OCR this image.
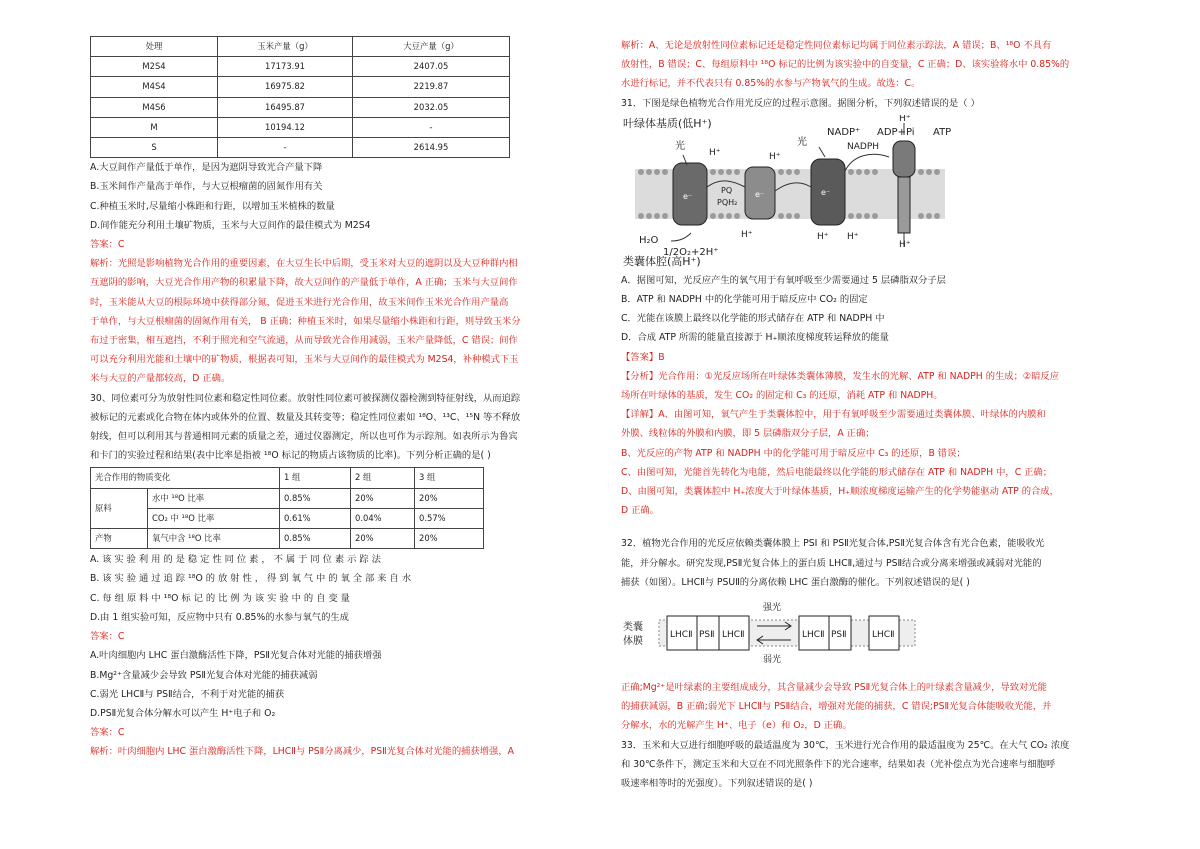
处理	玉米产量（g）	大豆产量（g）
M2S4	17173.91	2407.05
M4S4	16975.82	2219.87
M4S6	16495.87	2032.05
M	10194.12	-
S	-	2614.95
A.大豆间作产量低于单作，是因为遮阴导致光合产量下降
B.玉米间作产量高于单作，与大豆根瘤菌的固氮作用有关
C.种植玉米时,尽量缩小株距和行距，以增加玉米植株的数量
D.间作能充分利用土壤矿物质，玉米与大豆间作的最佳模式为 M2S4
答案：C
解析：光照是影响植物光合作用的重要因素，在大豆生长中后期，受玉米对大豆的遮阴以及大豆种群内相
互遮阴的影响，大豆光合作用产物的积累量下降，故大豆间作的产量低于单作，A 正确；玉米与大豆间作
时，玉米能从大豆的根际环境中获得部分氮，促进玉米进行光合作用，故玉米间作玉米光合作用产量高
于单作，与大豆根瘤菌的固氮作用有关， B 正确；种植玉米时，如果尽量缩小株距和行距，则导致玉米分
布过于密集，相互遮挡，不利于照光和空气流通，从而导致光合作用减弱，玉米产量降低，C 错误；间作
可以充分利用光能和土壤中的矿物质，根据表可知，玉米与大豆间作的最佳模式为 M2S4，补种模式下玉
米与大豆的产量都较高，D 正确。
30、同位素可分为放射性同位素和稳定性同位素。放射性同位素可被探测仪器检测到特征射线，从而追踪
被标记的元素或化合物在体内或体外的位置、数量及其转变等；稳定性同位素如 ¹⁸O、¹³C、¹⁵N 等不释放
射线，但可以利用其与普通相同元素的质量之差，通过仪器测定，所以也可作为示踪剂。如表所示为鲁宾
和卡门的实验过程和结果(表中比率是指被 ¹⁸O 标记的物质占该物质的比率)。下列分析正确的是( )
光合作用的物质变化		1 组	2 组	3 组
原料	水中 ¹⁸O 比率	0.85%	20%	20%
	CO₂ 中 ¹⁸O 比率	0.61%	0.04%	0.57%
产物	氧气中含 ¹⁸O 比率	0.85%	20%	20%
A. 该 实 验 利 用 的 是 稳 定 性 同 位 素 ， 不 属 于 同 位 素 示 踪 法
B. 该 实 验 通 过 追 踪 ¹⁸O 的 放 射 性 ， 得 到 氧 气 中 的 氧 全 部 来 自 水
C. 每 组 原 料 中 ¹⁸O 标 记 的 比 例 为 该 实 验 中 的 自 变 量
D.由 1 组实验可知，反应物中只有 0.85%的水参与氧气的生成
答案：C
A.叶肉细胞内 LHC 蛋白激酶活性下降，PSⅡ光复合体对光能的捕获增强
B.Mg²⁺含量减少会导致 PSⅡ光复合体对光能的捕获减弱
C.弱光 LHCⅡ与 PSⅡ结合，不利于对光能的捕获
D.PSⅡ光复合体分解水可以产生 H⁺电子和 O₂
答案：C
解析：叶肉细胞内 LHC 蛋白激酶活性下降，LHCⅡ与 PSⅡ分离减少，PSⅡ光复合体对光能的捕获增强，A
解析：A、无论是放射性同位素标记还是稳定性同位素标记均属于同位素示踪法，A 错误；B、¹⁸O 不具有
放射性，B 错误；C、每组原料中 ¹⁸O 标记的比例为该实验中的自变量，C 正确；D、该实验将水中 0.85%的
水进行标记，并不代表只有 0.85%的水参与产物氧气的生成。故选：C。
31．下图是绿色植物光合作用光反应的过程示意图。据图分析，下列叙述错误的是（ ）
叶绿体基质(低H⁺)
光	光
NADP⁺
NADPH
ADP+Pi ATP
H⁺	H⁺
H⁺
PQ
PQH₂
e⁻	e⁻	e⁻
H₂O
1/2O₂+2H⁺
H⁺	H⁺ H⁺
H⁺
类囊体腔(高H⁺)
A．据图可知，光反应产生的氧气用于有氧呼吸至少需要通过 5 层磷脂双分子层
B．ATP 和 NADPH 中的化学能可用于暗反应中 CO₂ 的固定
C．光能在该膜上最终以化学能的形式储存在 ATP 和 NADPH 中
D．合成 ATP 所需的能量直接源于 H₊顺浓度梯度转运释放的能量
【答案】B
【分析】光合作用：①光反应场所在叶绿体类囊体薄膜，发生水的光解、ATP 和 NADPH 的生成；②暗反应
场所在叶绿体的基质，发生 CO₂ 的固定和 C₃ 的还原，消耗 ATP 和 NADPH。
【详解】A、由图可知，氧气产生于类囊体腔中，用于有氧呼吸至少需要通过类囊体膜、叶绿体的内膜和
外膜、线粒体的外膜和内膜，即 5 层磷脂双分子层，A 正确；
B、光反应的产物 ATP 和 NADPH 中的化学能可用于暗反应中 C₃ 的还原，B 错误；
C、由图可知，光能首先转化为电能，然后电能最终以化学能的形式储存在 ATP 和 NADPH 中，C 正确；
D、由图可知，类囊体腔中 H₊浓度大于叶绿体基质，H₊顺浓度梯度运输产生的化学势能驱动 ATP 的合成，
D 正确。
32．植物光合作用的光反应依赖类囊体膜上 PSI 和 PSⅡ光复合体,PSⅡ光复合体含有光合色素，能吸收光
能，并分解水。研究发现,PSⅡ光复合体上的蛋白质 LHCⅡ,通过与 PSⅡ结合或分离来增强或减弱对光能的
捕获（如图）。LHCⅡ与 PSUⅡ的分离依赖 LHC 蛋白激酶的催化。下列叙述错误的是( )
类囊
体膜
LHCⅡ PSⅡ LHCⅡ
强光
弱光
LHCⅡ PSⅡ	LHCⅡ
正确;Mg²⁺是叶绿素的主要组成成分，其含量减少会导致 PSⅡ光复合体上的叶绿素含量减少，导致对光能
的捕获减弱，B 正确;弱光下 LHCⅡ与 PSⅡ结合，增强对光能的捕获，C 错误;PSⅡ光复合体能吸收光能，并
分解水，水的光解产生 H⁺、电子（e）和 O₂，D 正确。
33．玉米和大豆进行细胞呼吸的最适温度为 30℃，玉米进行光合作用的最适温度为 25℃。在大气 CO₂ 浓度
和 30℃条件下，测定玉米和大豆在不同光照条件下的光合速率，结果如表（光补偿点为光合速率与细胞呼
吸速率相等时的光强度）。下列叙述错误的是( )
